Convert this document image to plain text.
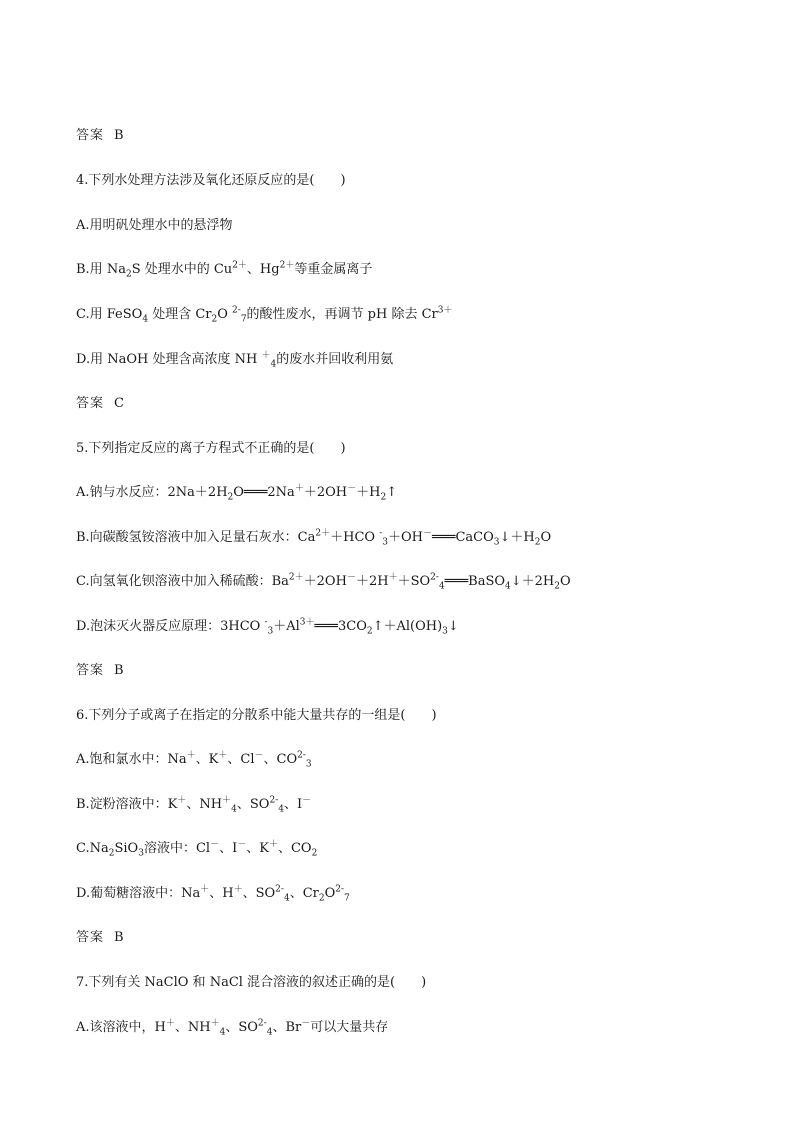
答案 B
4.下列水处理方法涉及氧化还原反应的是(　　)
A.用明矾处理水中的悬浮物
B.用 $Na_2S$ 处理水中的 $Cu^{2+}$、$Hg^{2+}$等重金属离子
C.用 FeSO$_4$ 处理含 $Cr_2O$ $^{2-}_7$的酸性废水，再调节 pH 除去 $Cr^{3+}$
D.用 NaOH 处理含高浓度 NH ＋$_4$的废水并回收利用氨
答案 C
5.下列指定反应的离子方程式不正确的是(　　)
A.钠与水反应：$2Na+2H_2O═══2Na^++2OH^-+H_2↑$
B.向碳酸氢铵溶液中加入足量石灰水：$Ca^{2+}+HCO$ $^-_3+OH^-═══CaCO_3↓+H_2O$
C.向氢氧化钡溶液中加入稀硫酸：$Ba^{2+}+2OH^-+2H^++SO^{2-}_4═══BaSO_4↓+2H_2O$
D.泡沫灭火器反应原理：3HCO $^-_3+Al^{3+}═══3CO_2↑+Al(OH)_3↓$
答案 B
6.下列分子或离子在指定的分散系中能大量共存的一组是(　　)
A.饱和氯水中：Na＋、K＋、Cl－、$CO^{2-}_3$
B.淀粉溶液中：K＋、$NH^+_4$、$SO^{2-}_4$、I－
$C.Na_2SiO_3$溶液中：Cl－、I－、K＋、$CO_2$
D.葡萄糖溶液中：Na＋、H＋、$SO^{2-}_4$、$Cr_2O^{2-}_7$
答案 B
7.下列有关 NaClO 和 NaCl 混合溶液的叙述正确的是(　　)
A.该溶液中，H＋、$NH^+_4$、$SO^{2-}_4$、Br－可以大量共存
